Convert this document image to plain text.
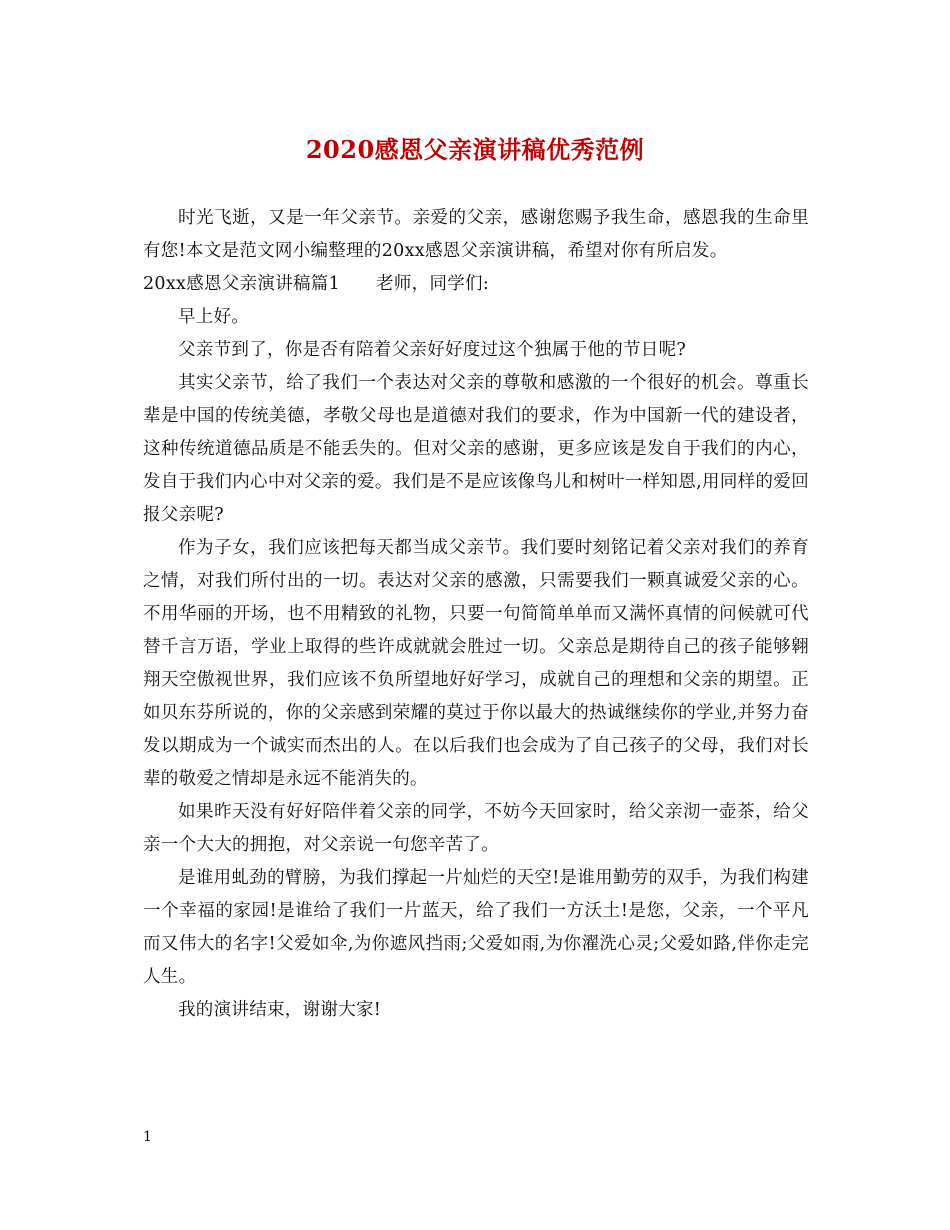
2020感恩父亲演讲稿优秀范例

时光飞逝，又是一年父亲节。亲爱的父亲，感谢您赐予我生命，感恩我的生命里有您!本文是范文网小编整理的20xx感恩父亲演讲稿，希望对你有所启发。

20xx感恩父亲演讲稿篇1 老师，同学们:

早上好。

父亲节到了，你是否有陪着父亲好好度过这个独属于他的节日呢?

其实父亲节，给了我们一个表达对父亲的尊敬和感激的一个很好的机会。尊重长辈是中国的传统美德，孝敬父母也是道德对我们的要求，作为中国新一代的建设者，这种传统道德品质是不能丢失的。但对父亲的感谢，更多应该是发自于我们的内心，发自于我们内心中对父亲的爱。我们是不是应该像鸟儿和树叶一样知恩,用同样的爱回报父亲呢?

作为子女，我们应该把每天都当成父亲节。我们要时刻铭记着父亲对我们的养育之情，对我们所付出的一切。表达对父亲的感激，只需要我们一颗真诚爱父亲的心。不用华丽的开场，也不用精致的礼物，只要一句简简单单而又满怀真情的问候就可代替千言万语，学业上取得的些许成就就会胜过一切。父亲总是期待自己的孩子能够翱翔天空傲视世界，我们应该不负所望地好好学习，成就自己的理想和父亲的期望。正如贝东芬所说的，你的父亲感到荣耀的莫过于你以最大的热诚继续你的学业,并努力奋发以期成为一个诚实而杰出的人。在以后我们也会成为了自己孩子的父母，我们对长辈的敬爱之情却是永远不能消失的。

如果昨天没有好好陪伴着父亲的同学，不妨今天回家时，给父亲沏一壶茶，给父亲一个大大的拥抱，对父亲说一句您辛苦了。

是谁用虬劲的臂膀，为我们撑起一片灿烂的天空!是谁用勤劳的双手，为我们构建一个幸福的家园!是谁给了我们一片蓝天，给了我们一方沃土!是您，父亲，一个平凡而又伟大的名字!父爱如伞,为你遮风挡雨;父爱如雨,为你濯洗心灵;父爱如路,伴你走完人生。

我的演讲结束，谢谢大家!

1
